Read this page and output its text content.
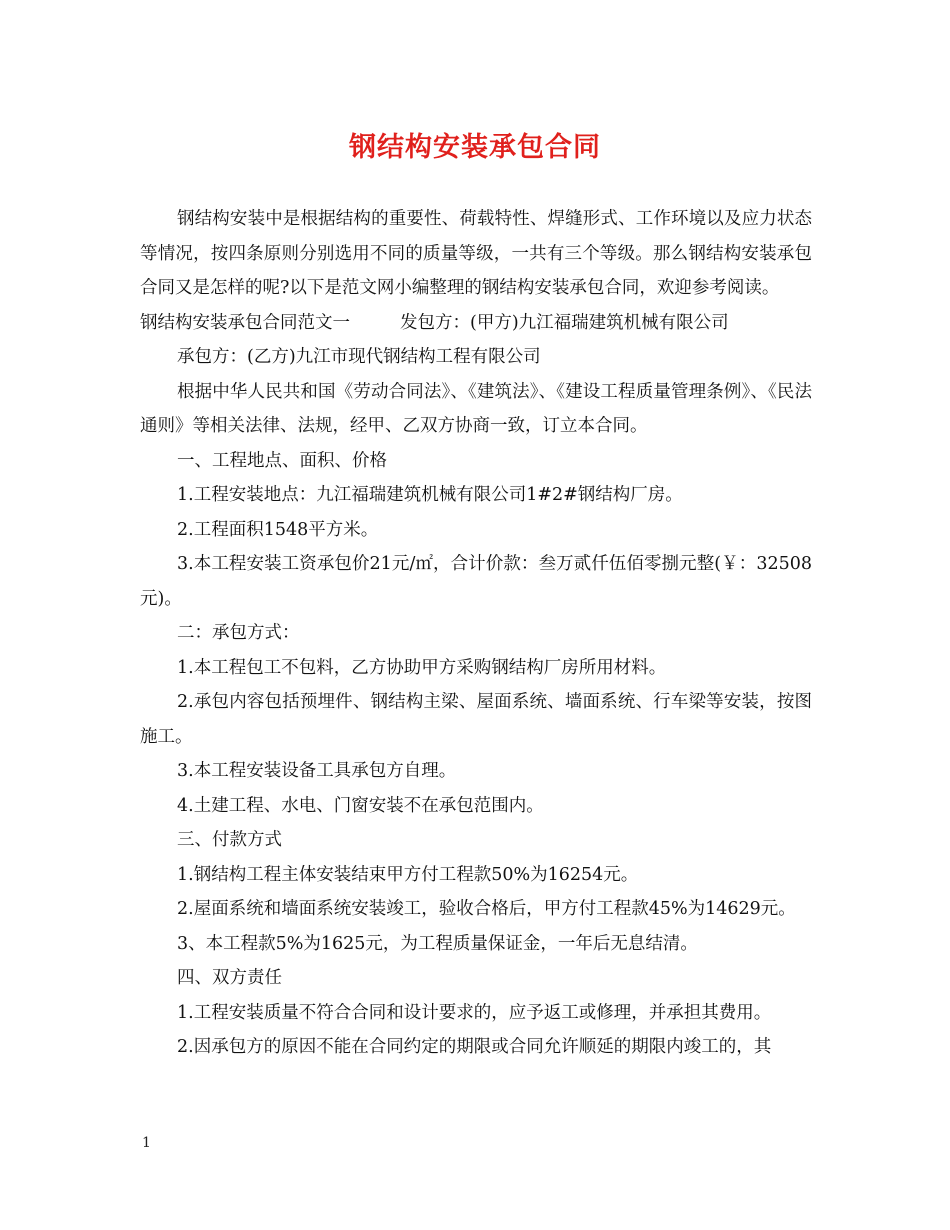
钢结构安装承包合同

钢结构安装中是根据结构的重要性、荷载特性、焊缝形式、工作环境以及应力状态等情况，按四条原则分别选用不同的质量等级，一共有三个等级。那么钢结构安装承包合同又是怎样的呢?以下是范文网小编整理的钢结构安装承包合同，欢迎参考阅读。

钢结构安装承包合同范文一	发包方：(甲方)九江福瑞建筑机械有限公司

承包方：(乙方)九江市现代钢结构工程有限公司

根据中华人民共和国《劳动合同法》、《建筑法》、《建设工程质量管理条例》、《民法通则》等相关法律、法规，经甲、乙双方协商一致，订立本合同。

一、工程地点、面积、价格

1.工程安装地点：九江福瑞建筑机械有限公司1#2#钢结构厂房。

2.工程面积1548平方米。

3.本工程安装工资承包价21元/㎡，合计价款：叁万贰仟伍佰零捌元整(￥：32508元)。

二：承包方式：

1.本工程包工不包料，乙方协助甲方采购钢结构厂房所用材料。

2.承包内容包括预埋件、钢结构主梁、屋面系统、墙面系统、行车梁等安装，按图施工。

3.本工程安装设备工具承包方自理。

4.土建工程、水电、门窗安装不在承包范围内。

三、付款方式

1.钢结构工程主体安装结束甲方付工程款50%为16254元。

2.屋面系统和墙面系统安装竣工，验收合格后，甲方付工程款45%为14629元。

3、本工程款5%为1625元，为工程质量保证金，一年后无息结清。

四、双方责任

1.工程安装质量不符合合同和设计要求的，应予返工或修理，并承担其费用。

2.因承包方的原因不能在合同约定的期限或合同允许顺延的期限内竣工的，其

1
